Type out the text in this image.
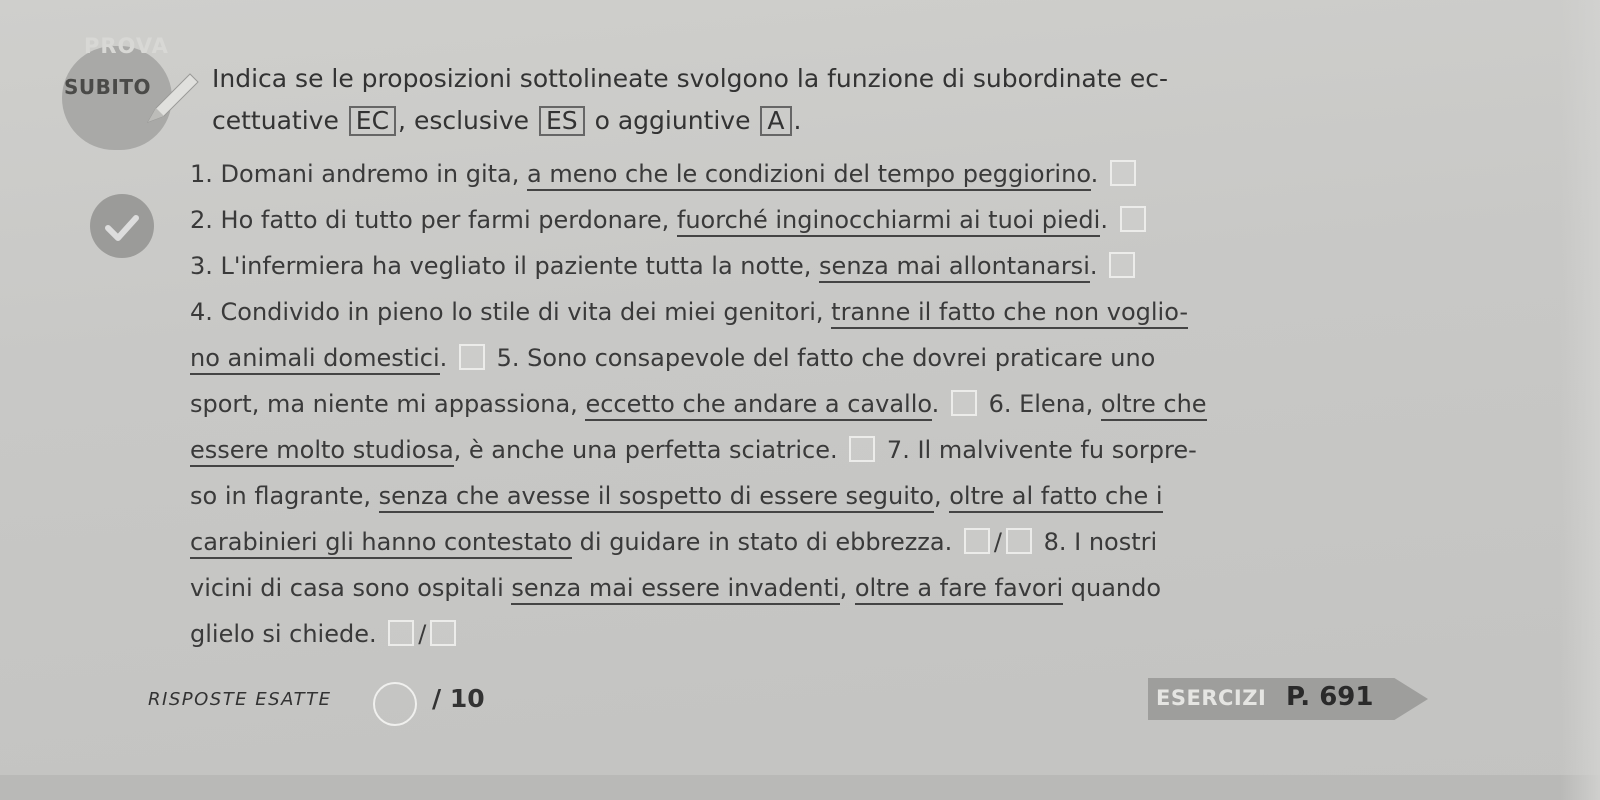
PROVA
SUBITO Indica se le proposizioni sottolineate svolgono la funzione di subordinate ec-
cettuative EC , esclusive ES o aggiuntive A .
1. Domani andremo in gita, a meno che le condizioni del tempo peggiorino.
2. Ho fatto di tutto per farmi perdonare, fuorché inginocchiarmi ai tuoi piedi.
3. L'infermiera ha vegliato il paziente tutta la notte, senza mai allontanarsi.
4. Condivido in pieno lo stile di vita dei miei genitori, tranne il fatto che non voglio-
no animali domestici. 5. Sono consapevole del fatto che dovrei praticare uno
sport, ma niente mi appassiona, eccetto che andare a cavallo. 6. Elena, oltre che
essere molto studiosa, è anche una perfetta sciatrice. 7. Il malvivente fu sorpre-
so in flagrante, senza che avesse il sospetto di essere seguito, oltre al fatto che i
carabinieri gli hanno contestato di guidare in stato di ebbrezza. / 8. I nostri
vicini di casa sono ospitali senza mai essere invadenti, oltre a fare favori quando
glielo si chiede. /
RISPOSTE ESATTE	/ 10	ESERCIZI P. 691
